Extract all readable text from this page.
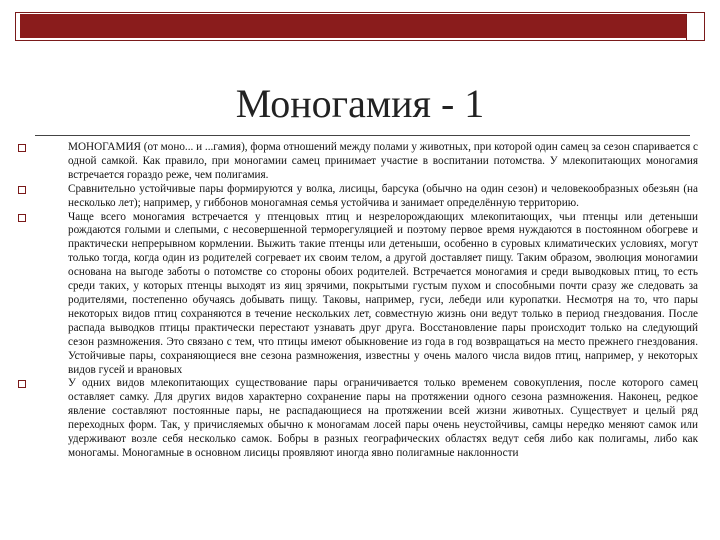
Моногамия - 1

МОНОГАМИЯ (от моно... и ...гамия), форма отношений между полами у животных, при которой один самец за сезон спаривается с одной самкой. Как правило, при моногамии самец принимает участие в воспитании потомства. У млекопитающих моногамия встречается гораздо реже, чем полигамия.

Сравнительно устойчивые пары формируются у волка, лисицы, барсука (обычно на один сезон) и человекообразных обезьян (на несколько лет); например, у гиббонов моногамная семья устойчива и занимает определённую территорию.

Чаще всего моногамия встречается у птенцовых птиц и незрелорождающих млекопитающих, чьи птенцы или детеныши рождаются голыми и слепыми, с несовершенной терморегуляцией и поэтому первое время нуждаются в постоянном обогреве и практически непрерывном кормлении. Выжить такие птенцы или детеныши, особенно в суровых климатических условиях, могут только тогда, когда один из родителей согревает их своим телом, а другой доставляет пищу. Таким образом, эволюция моногамии основана на выгоде заботы о потомстве со стороны обоих родителей. Встречается моногамия и среди выводковых птиц, то есть среди таких, у которых птенцы выходят из яиц зрячими, покрытыми густым пухом и способными почти сразу же следовать за родителями, постепенно обучаясь добывать пищу. Таковы, например, гуси, лебеди или куропатки. Несмотря на то, что пары некоторых видов птиц сохраняются в течение нескольких лет, совместную жизнь они ведут только в период гнездования. После распада выводков птицы практически перестают узнавать друг друга. Восстановление пары происходит только на следующий сезон размножения. Это связано с тем, что птицы имеют обыкновение из года в год возвращаться на место прежнего гнездования. Устойчивые пары, сохраняющиеся вне сезона размножения, известны у очень малого числа видов птиц, например, у некоторых видов гусей и врановых

У одних видов млекопитающих существование пары ограничивается только временем совокупления, после которого самец оставляет самку. Для других видов характерно сохранение пары на протяжении одного сезона размножения. Наконец, редкое явление составляют постоянные пары, не распадающиеся на протяжении всей жизни животных. Существует и целый ряд переходных форм. Так, у причисляемых обычно к моногамам лосей пары очень неустойчивы, самцы нередко меняют самок или удерживают возле себя несколько самок. Бобры в разных географических областях ведут себя либо как полигамы, либо как моногамы. Моногамные в основном лисицы проявляют иногда явно полигамные наклонности
